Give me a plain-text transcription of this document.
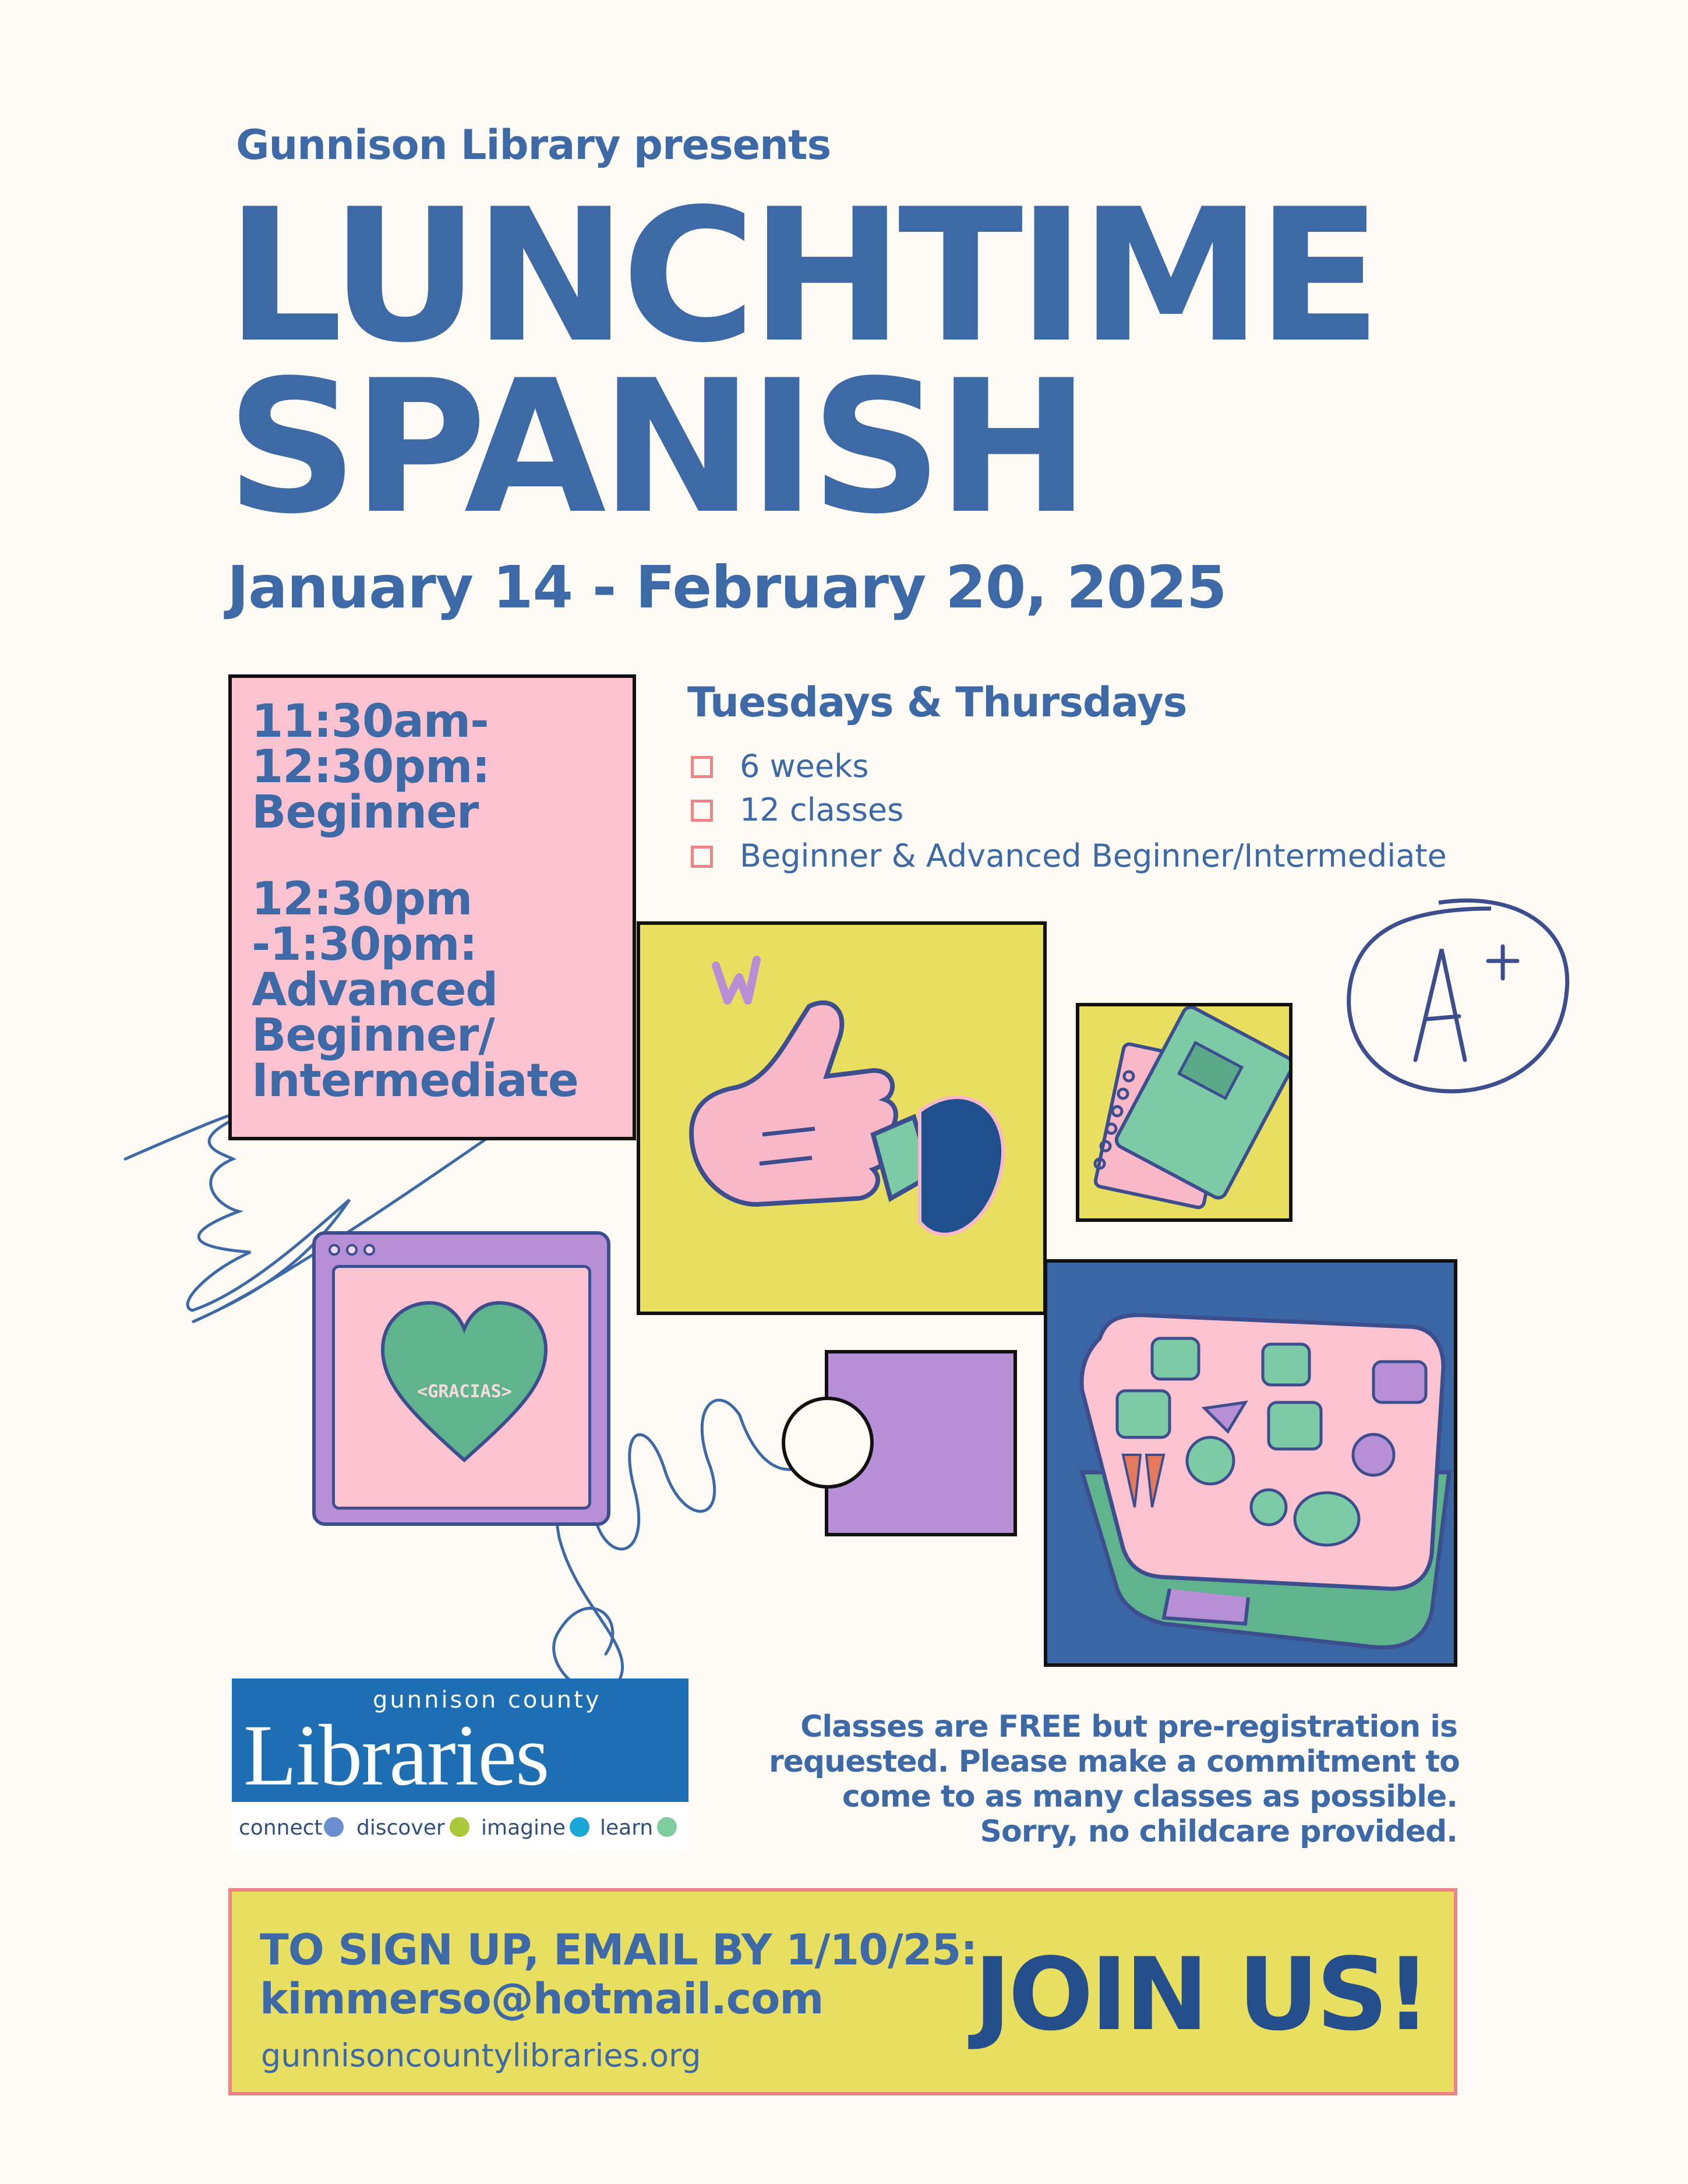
Gunnison Library presents
LUNCHTIME
SPANISH
January 14 - February 20, 2025
11:30am-
12:30pm:
Beginner
12:30pm
-1:30pm:
Advanced
Beginner/
Intermediate
Tuesdays & Thursdays
6 weeks
12 classes
Beginner & Advanced Beginner/Intermediate
<GRACIAS>
gunnison county
Libraries
connect discover imagine learn
Classes are FREE but pre-registration is
requested. Please make a commitment to
come to as many classes as possible.
Sorry, no childcare provided.
TO SIGN UP, EMAIL BY 1/10/25:
kimmerso@hotmail.com
gunnisoncountylibraries.org
JOIN US!
